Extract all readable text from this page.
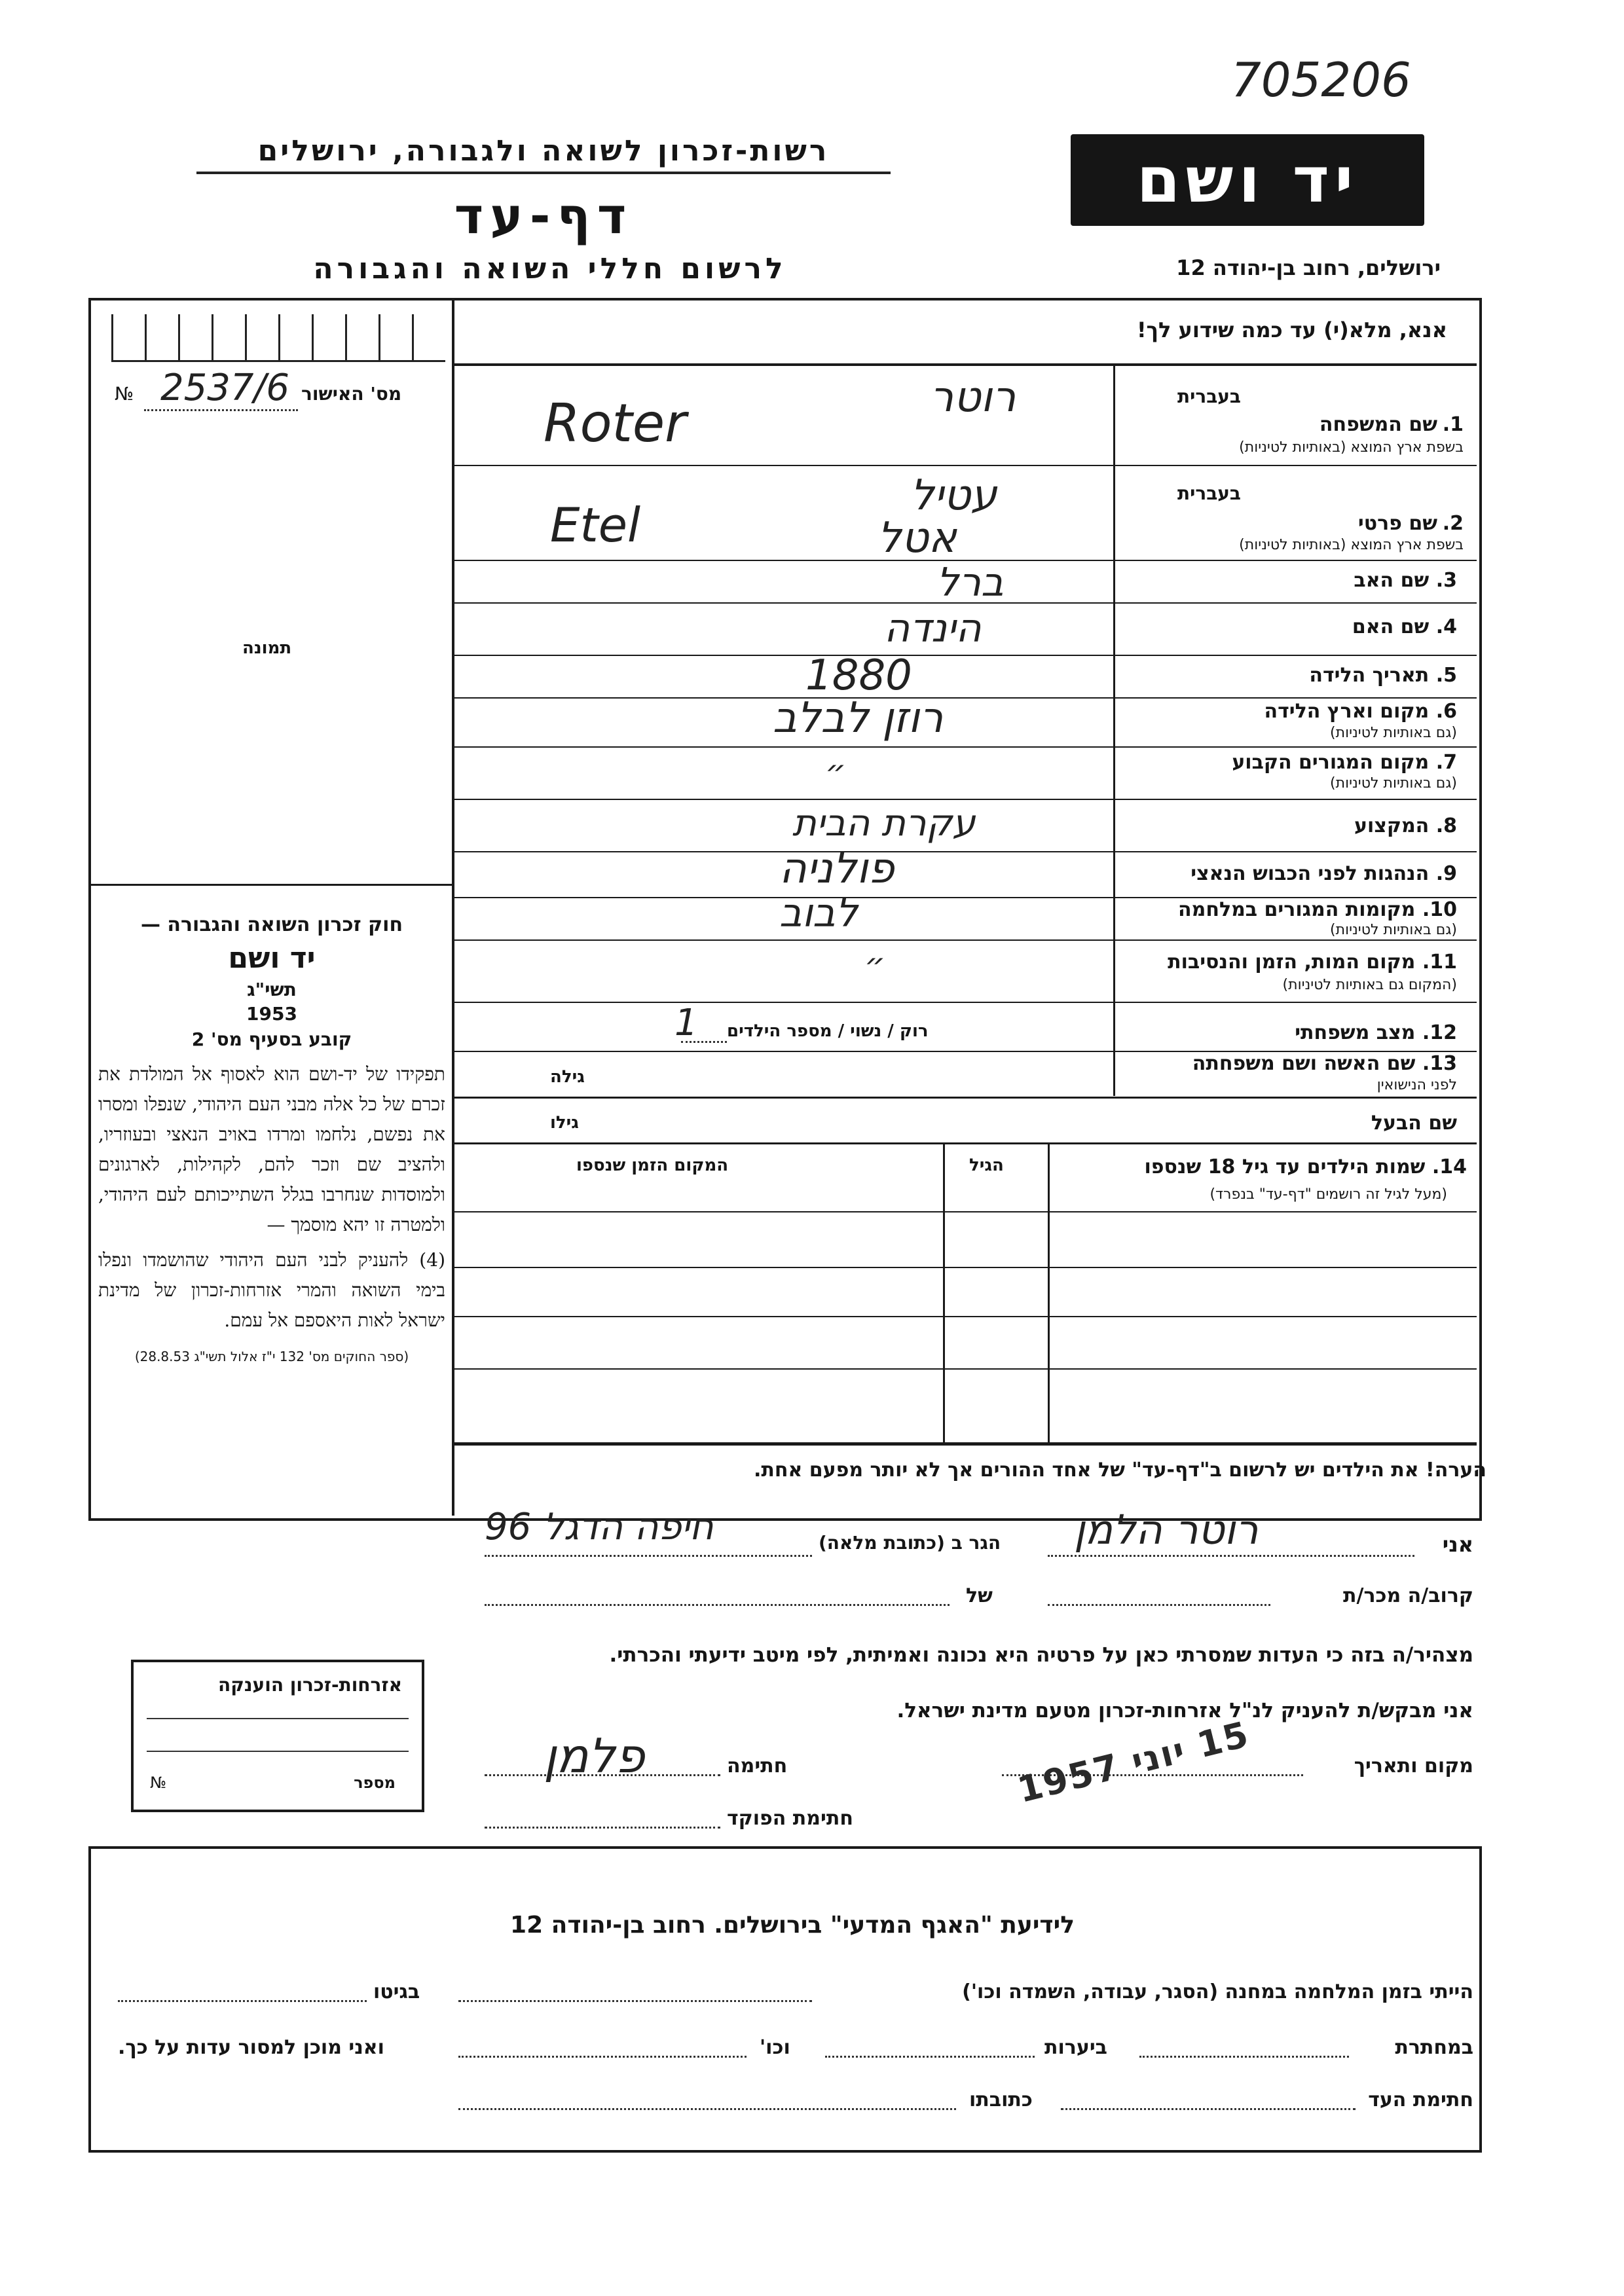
705206
יד ושם
רשות-זכרון לשואה ולגבורה, ירושלים
דף-עד
לרשום חללי השואה והגבורה	ירושלים, רחוב בן-יהודה 12
אנא, מלא(י) עד כמה שידוע לך!
מס' האישור
№ 2537/6
תמונה
בעברית
1.
שם המשפחה
בשפת ארץ המוצא (באותיות לטיניות)
רוטר
Roter
בעברית
2.
שם פרטי
בשפת ארץ המוצא (באותיות לטיניות)
עטיל
אטל
Etel
3. שם האב
ברל
4. שם האם
הינדה
5. תאריך הלידה
1880
6. מקום וארץ הלידה
(גם באותיות לטיניות)
רוזן לבלב
7. מקום המגורים הקבוע
(גם באותיות לטיניות)
״
8. המקצוע
עקרת הבית
9. הנהגות לפני הכבוש הנאצי
פולניה
10. מקומות המגורים במלחמה
(גם באותיות לטיניות)
לבוב
11. מקום המות, הזמן והנסיבות
(המקום גם באותיות לטיניות)
״
12. מצב משפחתי
רוק / נשוי / מספר הילדים
1
13. שם האשה ושם משפחתה
לפני הנישואין
גילה
שם הבעל
גילו
14. שמות הילדים עד גיל 18 שנספו
(מעל לגיל זה רושמים "דף-עד" בנפרד)
הגיל
המקום הזמן שנספו
חוק זכרון השואה והגבורה —
יד ושם
תשי"ג
1953
קובע בסעיף מס' 2
תפקידו של יד-ושם הוא לאסוף אל המולדת את זכרם של כל אלה מבני העם היהודי, שנפלו ומסרו את נפשם, נלחמו ומרדו באויב הנאצי ובעוזריו, ולהציב שם וזכר להם, לקהילות, לארגונים ולמוסדות שנחרבו בגלל השתייכותם לעם היהודי, ולמטרה זו יהא מוסמך —
(4) להעניק לבני העם היהודי שהושמדו ונפלו בימי השואה והמרי אזרחות-זכרון של מדינת ישראל לאות היאספם אל עמם.
(ספר החוקים מס' 132 י"ז אלול תשי"ג 28.8.53)
הערה! את הילדים יש לרשום ב"דף-עד" של אחד ההורים אך לא יותר מפעם אחת.
אני
רוטר הלמן
הגר ב (כתובת מלאה)
חיפה הדגל 96
קרוב/ה מכר/ת
של
מצהיר/ה בזה כי העדות שמסרתי כאן על פרטיה היא נכונה ואמיתית, לפי מיטב ידיעתי והכרתי.
אני מבקש/ת להעניק לנ"ל אזרחות-זכרון מטעם מדינת ישראל.
מקום ותאריך
חתימה
פלמן
חתימת הפוקד
15 יוני 1957
אזרחות-זכרון הוענקה
מספר
№
לידיעת "האגף המדעי" בירושלים. רחוב בן-יהודה 12
הייתי בזמן המלחמה במחנה (הסגר, עבודה, השמדה וכו')
בגיטו
במחתרת
ביערות
וכו'
ואני מוכן למסור עדות על כך.
חתימת העד
כתובתו
